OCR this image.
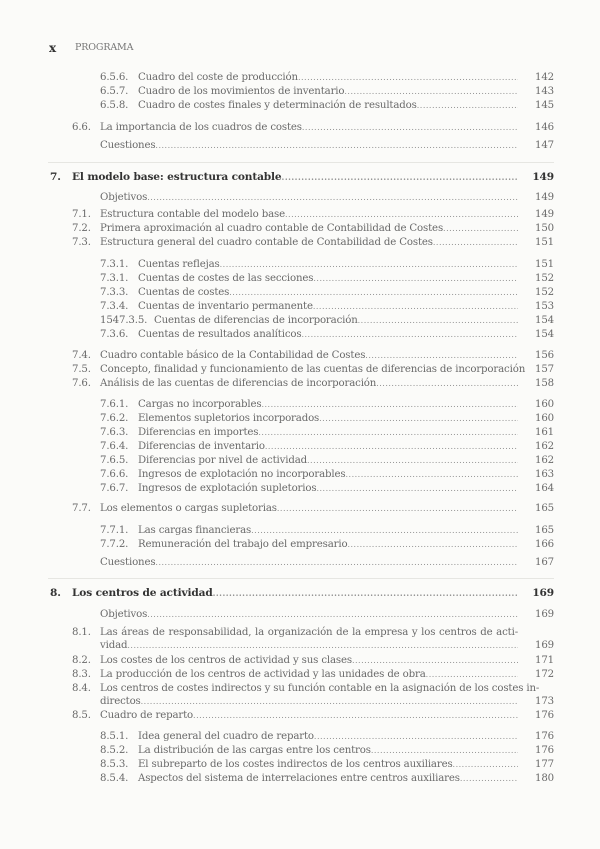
x PROGRAMA
6.5.6. Cuadro del coste de producción .....	142
6.5.7. Cuadro de los movimientos de inventario .....	143
6.5.8. Cuadro de costes finales y determinación de resultados .....	145
6.6. La importancia de los cuadros de costes .....	146
Cuestiones .....	147
7. El modelo base: estructura contable .....	149
Objetivos .....	149
7.1. Estructura contable del modelo base .....	149
7.2. Primera aproximación al cuadro contable de Contabilidad de Costes .....	150
7.3. Estructura general del cuadro contable de Contabilidad de Costes .....	151
7.3.1. Cuentas reflejas .....	151
7.3.1. Cuentas de costes de las secciones .....	152
7.3.3. Cuentas de costes .....	152
7.3.4. Cuentas de inventario permanente .....	153
1547.3.5. Cuentas de diferencias de incorporación .....	154
7.3.6. Cuentas de resultados analíticos .....	154
7.4. Cuadro contable básico de la Contabilidad de Costes .....	156
7.5. Concepto, finalidad y funcionamiento de las cuentas de diferencias de incorporación 157
7.6. Análisis de las cuentas de diferencias de incorporación .....	158
7.6.1. Cargas no incorporables .....	160
7.6.2. Elementos supletorios incorporados .....	160
7.6.3. Diferencias en importes .....	161
7.6.4. Diferencias de inventario .....	162
7.6.5. Diferencias por nivel de actividad .....	162
7.6.6. Ingresos de explotación no incorporables .....	163
7.6.7. Ingresos de explotación supletorios .....	164
7.7. Los elementos o cargas supletorias .....	165
7.7.1. Las cargas financieras .....	165
7.7.2. Remuneración del trabajo del empresario .....	166
Cuestiones .....	167
8. Los centros de actividad .....	169
Objetivos .....	169
8.1. Las áreas de responsabilidad, la organización de la empresa y los centros de acti-
vidad .....	169
8.2. Los costes de los centros de actividad y sus clases .....	171
8.3. La producción de los centros de actividad y las unidades de obra .....	172
8.4. Los centros de costes indirectos y su función contable en la asignación de los costes in-
directos .....	173
8.5. Cuadro de reparto .....	176
8.5.1. Idea general del cuadro de reparto .....	176
8.5.2. La distribución de las cargas entre los centros .....	176
8.5.3. El subreparto de los costes indirectos de los centros auxiliares .....	177
8.5.4. Aspectos del sistema de interrelaciones entre centros auxiliares .....	180
